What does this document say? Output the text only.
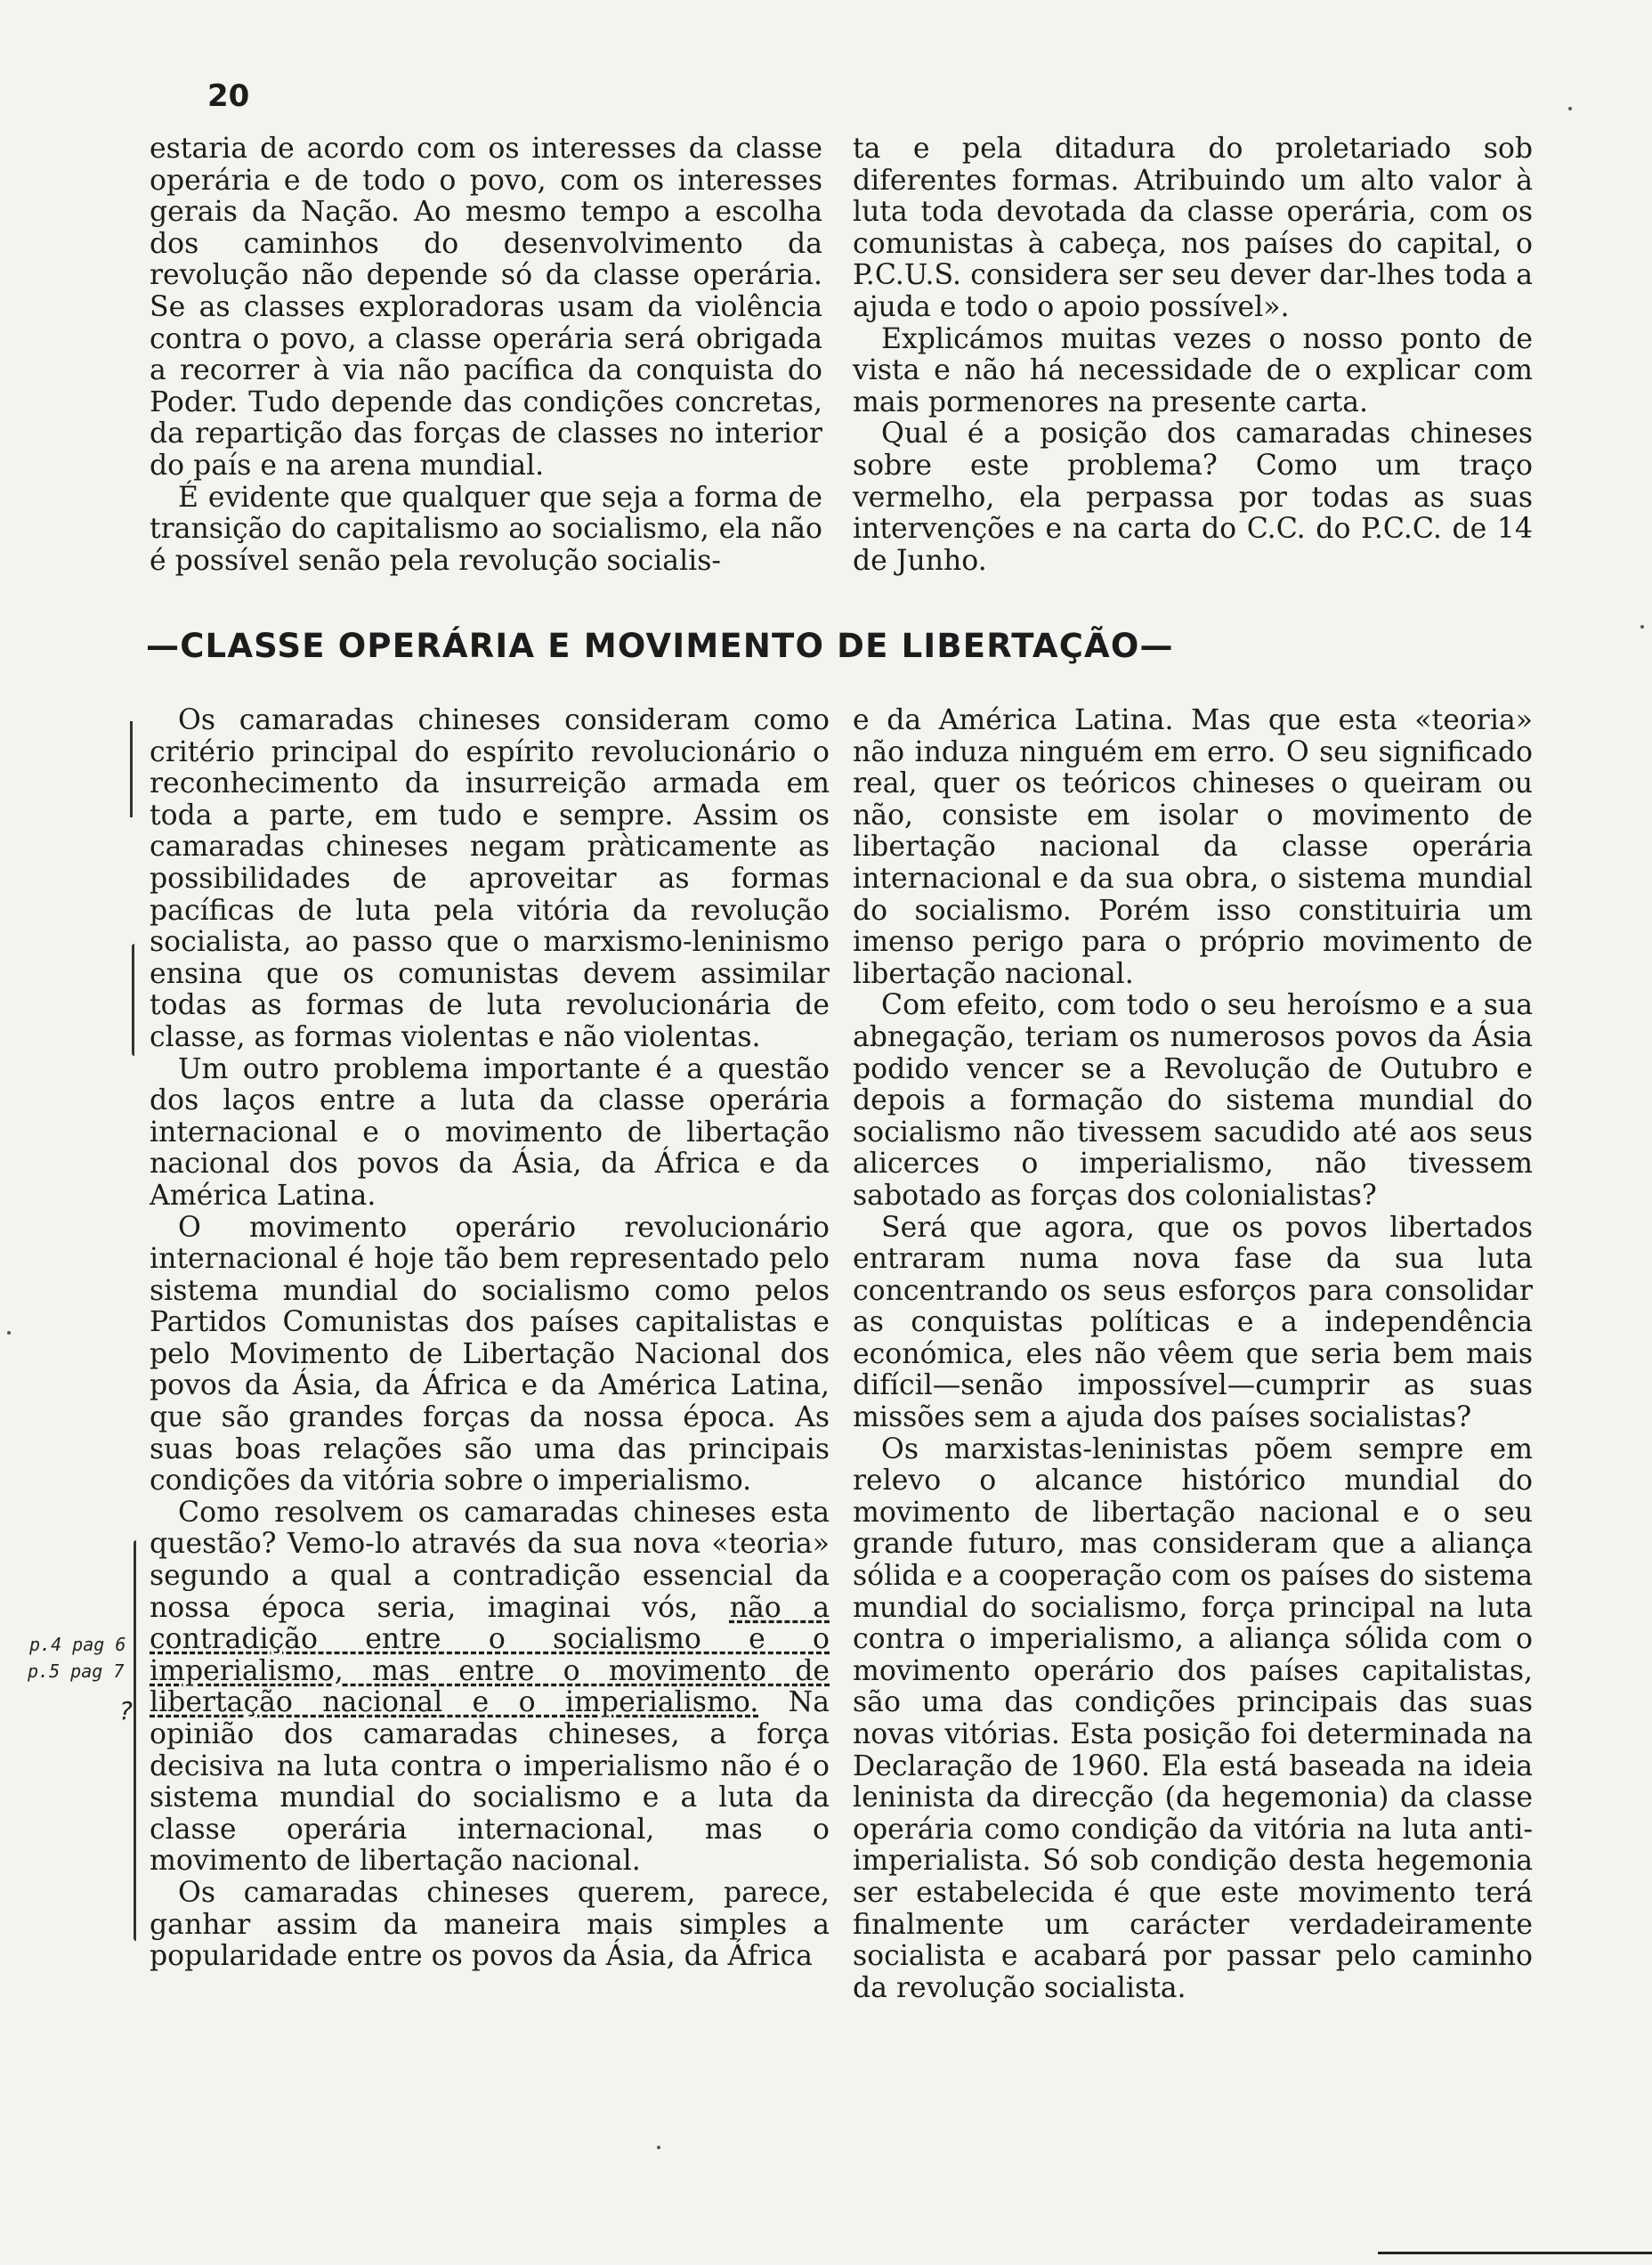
20

estaria de acordo com os interesses da classe operária e de todo o povo, com os interesses gerais da Nação. Ao mesmo tempo a escolha dos caminhos do desenvolvimento da revolução não depende só da classe operária. Se as classes exploradoras usam da violência contra o povo, a classe operária será obrigada a recorrer à via não pacífica da conquista do Poder. Tudo depende das condições concretas, da repartição das forças de classes no interior do país e na arena mundial.

É evidente que qualquer que seja a forma de transição do capitalismo ao socialismo, ela não é possível senão pela revolução socialis-

ta e pela ditadura do proletariado sob diferentes formas. Atribuindo um alto valor à luta toda devotada da classe operária, com os comunistas à cabeça, nos países do capital, o P.C.U.S. considera ser seu dever dar-lhes toda a ajuda e todo o apoio possível».

Explicámos muitas vezes o nosso ponto de vista e não há necessidade de o explicar com mais pormenores na presente carta.

Qual é a posição dos camaradas chineses sobre este problema? Como um traço vermelho, ela perpassa por todas as suas intervenções e na carta do C.C. do P.C.C. de 14 de Junho.

—CLASSE OPERÁRIA E MOVIMENTO DE LIBERTAÇÃO—

Os camaradas chineses consideram como critério principal do espírito revolucionário o reconhecimento da insurreição armada em toda a parte, em tudo e sempre. Assim os camaradas chineses negam pràticamente as possibilidades de aproveitar as formas pacíficas de luta pela vitória da revolução socialista, ao passo que o marxismo-leninismo ensina que os comunistas devem assimilar todas as formas de luta revolucionária de classe, as formas violentas e não violentas.

Um outro problema importante é a questão dos laços entre a luta da classe operária internacional e o movimento de libertação nacional dos povos da Ásia, da África e da América Latina.

O movimento operário revolucionário internacional é hoje tão bem representado pelo sistema mundial do socialismo como pelos Partidos Comunistas dos países capitalistas e pelo Movimento de Libertação Nacional dos povos da Ásia, da África e da América Latina, que são grandes forças da nossa época. As suas boas relações são uma das principais condições da vitória sobre o imperialismo.

Como resolvem os camaradas chineses esta questão? Vemo-lo através da sua nova «teoria» segundo a qual a contradição essencial da nossa época seria, imaginai vós, não a contradição entre o socialismo e o imperialismo, mas entre o movimento de libertação nacional e o imperialismo. Na opinião dos camaradas chineses, a força decisiva na luta contra o imperialismo não é o sistema mundial do socialismo e a luta da classe operária internacional, mas o movimento de libertação nacional.

Os camaradas chineses querem, parece, ganhar assim da maneira mais simples a popularidade entre os povos da Ásia, da África

e da América Latina. Mas que esta «teoria» não induza ninguém em erro. O seu significado real, quer os teóricos chineses o queiram ou não, consiste em isolar o movimento de libertação nacional da classe operária internacional e da sua obra, o sistema mundial do socialismo. Porém isso constituiria um imenso perigo para o próprio movimento de libertação nacional.

Com efeito, com todo o seu heroísmo e a sua abnegação, teriam os numerosos povos da Ásia podido vencer se a Revolução de Outubro e depois a formação do sistema mundial do socialismo não tivessem sacudido até aos seus alicerces o imperialismo, não tivessem sabotado as forças dos colonialistas?

Será que agora, que os povos libertados entraram numa nova fase da sua luta concentrando os seus esforços para consolidar as conquistas políticas e a independência económica, eles não vêem que seria bem mais difícil—senão impossível—cumprir as suas missões sem a ajuda dos países socialistas?

Os marxistas-leninistas põem sempre em relevo o alcance histórico mundial do movimento de libertação nacional e o seu grande futuro, mas consideram que a aliança sólida e a cooperação com os países do sistema mundial do socialismo, força principal na luta contra o imperialismo, a aliança sólida com o movimento operário dos países capitalistas, são uma das condições principais das suas novas vitórias. Esta posição foi determinada na Declaração de 1960. Ela está baseada na ideia leninista da direcção (da hegemonia) da classe operária como condição da vitória na luta anti-imperialista. Só sob condição desta hegemonia ser estabelecida é que este movimento terá finalmente um carácter verdadeiramente socialista e acabará por passar pelo caminho da revolução socialista.

p.4 pag 6
p.5 pag 7
?
